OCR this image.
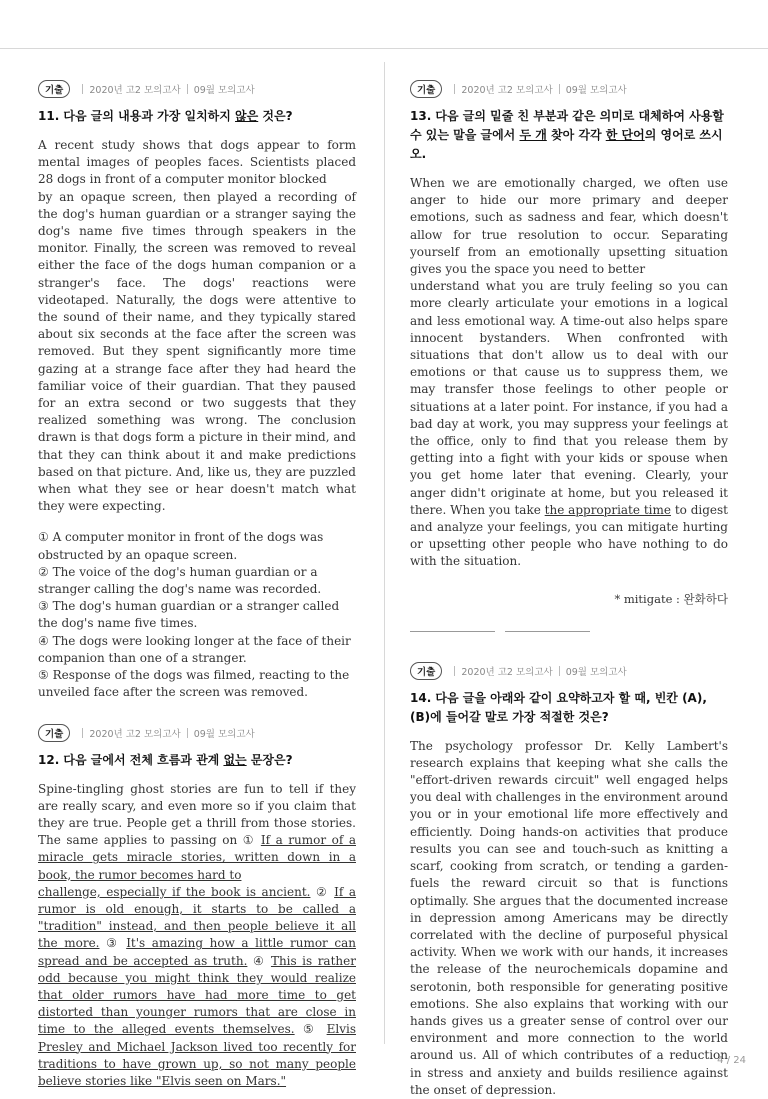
기출	2020년 고2 모의고사 09월 모의고사
11. 다음 글의 내용과 가장 일치하지 않은 것은?

A recent study shows that dogs appear to form mental images of peoples faces. Scientists placed 28 dogs in front of a computer monitor blocked
by an opaque screen, then played a recording of the dog's human guardian or a stranger saying the dog's name five times through speakers in the monitor. Finally, the screen was removed to reveal either the face of the dogs human companion or a stranger's face. The dogs' reactions were videotaped. Naturally, the dogs were attentive to the sound of their name, and they typically stared about six seconds at the face after the screen was removed. But they spent significantly more time gazing at a strange face after they had heard the familiar voice of their guardian. That they paused for an extra second or two suggests that they realized something was wrong. The conclusion drawn is that dogs form a picture in their mind, and that they can think about it and make predictions based on that picture. And, like us, they are puzzled when what they see or hear doesn't match what they were expecting.

① A computer monitor in front of the dogs was obstructed by an opaque screen.

② The voice of the dog's human guardian or a stranger calling the dog's name was recorded.

③ The dog's human guardian or a stranger called the dog's name five times.

④ The dogs were looking longer at the face of their companion than one of a stranger.

⑤ Response of the dogs was filmed, reacting to the unveiled face after the screen was removed.

기출	2020년 고2 모의고사 09월 모의고사
12. 다음 글에서 전체 흐름과 관계 없는 문장은?

Spine-tingling ghost stories are fun to tell if they are really scary, and even more so if you claim that they are true. People get a thrill from those stories. The same applies to passing on ① If a rumor of a miracle gets miracle stories, written down in a book, the rumor becomes hard to
challenge, especially if the book is ancient. ② If a rumor is old enough, it starts to be called a "tradition" instead, and then people believe it all the more. ③ It's amazing how a little rumor can spread and be accepted as truth. ④ This is rather odd because you might think they would realize that older rumors have had more time to get distorted than younger rumors that are close in time to the alleged events themselves. ⑤ Elvis Presley and Michael Jackson lived too recently for traditions to have grown up, so not many people believe stories like "Elvis seen on Mars."

기출	2020년 고2 모의고사 09월 모의고사
13. 다음 글의 밑줄 친 부분과 같은 의미로 대체하여 사용할 수 있는 말을 글에서 두 개 찾아 각각 한 단어의 영어로 쓰시오.

When we are emotionally charged, we often use anger to hide our more primary and deeper emotions, such as sadness and fear, which doesn't allow for true resolution to occur. Separating yourself from an emotionally upsetting situation gives you the space you need to better
understand what you are truly feeling so you can more clearly articulate your emotions in a logical and less emotional way. A time-out also helps spare innocent bystanders. When confronted with situations that don't allow us to deal with our emotions or that cause us to suppress them, we may transfer those feelings to other people or situations at a later point. For instance, if you had a bad day at work, you may suppress your feelings at the office, only to find that you release them by getting into a fight with your kids or spouse when you get home later that evening. Clearly, your anger didn't originate at home, but you released it there. When you take the appropriate time to digest and analyze your feelings, you can mitigate hurting or upsetting other people who have nothing to do with the situation.

* mitigate : 완화하다
기출	2020년 고2 모의고사 09월 모의고사
14. 다음 글을 아래와 같이 요약하고자 할 때, 빈칸 (A), (B)에 들어갈 말로 가장 적절한 것은?

The psychology professor Dr. Kelly Lambert's research explains that keeping what she calls the "effort-driven rewards circuit" well engaged helps you deal with challenges in the environment around you or in your emotional life more effectively and efficiently. Doing hands-on activities that produce results you can see and touch-such as knitting a scarf, cooking from scratch, or tending a garden-fuels the reward circuit so that is functions optimally. She argues that the documented increase in depression among Americans may be directly correlated with the decline of purposeful physical activity. When we work with our hands, it increases the release of the neurochemicals dopamine and serotonin, both responsible for generating positive emotions. She also explains that working with our hands gives us a greater sense of control over our environment and more connection to the world around us. All of which contributes of a reduction in stress and anxiety and builds resilience against the onset of depression.

4 / 24
